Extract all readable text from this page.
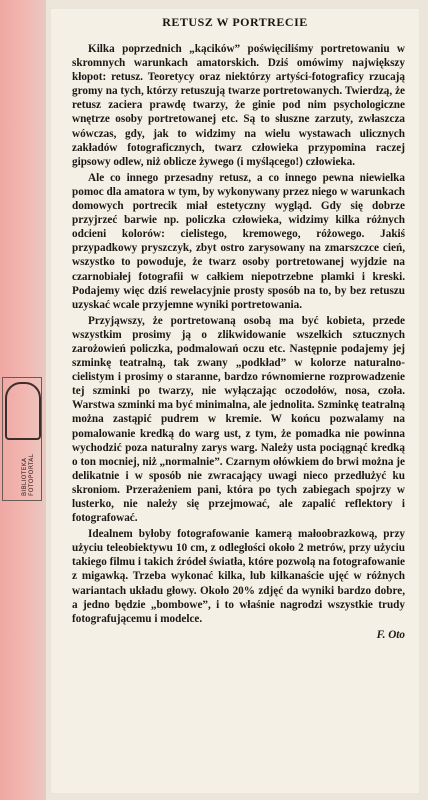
BIBLIOTEKA FOTOPORTAL
RETUSZ W PORTRECIE

Kilka poprzednich „kącików” poświęciliśmy portretowaniu w skromnych warunkach amatorskich. Dziś omówimy największy kłopot: retusz. Teoretycy oraz niektórzy artyści-fotograficy rzucają gromy na tych, którzy retuszują twarze portretowanych. Twierdzą, że retusz zaciera prawdę twarzy, że ginie pod nim psychologiczne wnętrze osoby portretowanej etc. Są to słuszne zarzuty, zwłaszcza wówczas, gdy, jak to widzimy na wielu wystawach ulicznych zakładów fotograficznych, twarz człowieka przypomina raczej gipsowy odlew, niż oblicze żywego (i myślącego!) człowieka.

Ale co innego przesadny retusz, a co innego pewna niewielka pomoc dla amatora w tym, by wykonywany przez niego w warunkach domowych portrecik miał estetyczny wygląd. Gdy się dobrze przyjrzeć barwie np. policzka człowieka, widzimy kilka różnych odcieni kolorów: cielistego, kremowego, różowego. Jakiś przypadkowy pryszczyk, zbyt ostro zarysowany na zmarszczce cień, wszystko to powoduje, że twarz osoby portretowanej wyjdzie na czarnobiałej fotografii w całkiem niepotrzebne plamki i kreski. Podajemy więc dziś rewelacyjnie prosty sposób na to, by bez retuszu uzyskać wcale przyjemne wyniki portretowania.

Przyjąwszy, że portretowaną osobą ma być kobieta, przede wszystkim prosimy ją o zlikwidowanie wszelkich sztucznych zarożowień policzka, podmalowań oczu etc. Następnie podajemy jej szminkę teatralną, tak zwany „podkład” w kolorze naturalno-cielistym i prosimy o staranne, bardzo równomierne rozprowadzenie tej szminki po twarzy, nie wyłączając oczodołów, nosa, czoła. Warstwa szminki ma być minimalna, ale jednolita. Szminkę teatralną można zastąpić pudrem w kremie. W końcu pozwalamy na pomalowanie kredką do warg ust, z tym, że pomadka nie powinna wychodzić poza naturalny zarys warg. Należy usta pociągnąć kredką o ton mocniej, niż „normalnie”. Czarnym ołówkiem do brwi można je delikatnie i w sposób nie zwracający uwagi nieco przedłużyć ku skroniom. Przerażeniem pani, która po tych zabiegach spojrzy w lusterko, nie należy się przejmować, ale zapalić reflektory i fotografować.

Idealnem byłoby fotografowanie kamerą małoobrazkową, przy użyciu teleobiektywu 10 cm, z odległości około 2 metrów, przy użyciu takiego filmu i takich źródeł światła, które pozwolą na fotografowanie z migawką. Trzeba wykonać kilka, lub kilkanaście ujęć w różnych wariantach układu głowy. Około 20% zdjęć da wyniki bardzo dobre, a jedno będzie „bombowe”, i to właśnie nagrodzi wszystkie trudy fotografującemu i modelce.

F. Oto
